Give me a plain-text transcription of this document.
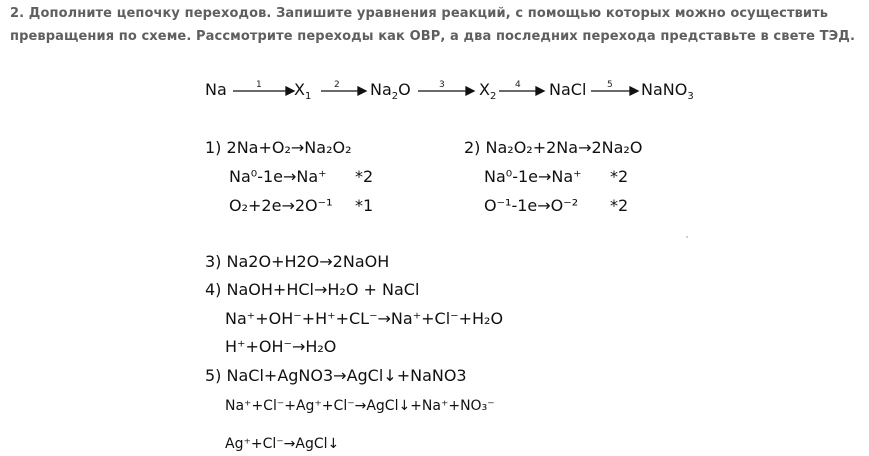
2. Дополните цепочку переходов. Запишите уравнения реакций, с помощью которых можно осуществить превращения по схеме. Рассмотрите переходы как ОВР, а два последних перехода представьте в свете ТЭД.
1	2	3	4	5
Na	$X_1$	$Na_2O$	$X_2$	NaCl	NaNO$_3$
1) 2Na+O₂→Na₂O₂
Na⁰-1e→Na⁺ *2
O₂+2e→2O⁻¹ *1
2) Na₂O₂+2Na→2Na₂O
Na⁰-1e→Na⁺ *2
O⁻¹-1e→O⁻² *2
3) Na2O+H2O→2NaOH
4) NaOH+HCl→H₂O + NaCl
Na⁺+OH⁻+H⁺+CL⁻→Na⁺+Cl⁻+H₂O
H⁺+OH⁻→H₂O
5) NaCl+AgNO3→AgCl↓+NaNO3
Na⁺+Cl⁻+Ag⁺+Cl⁻→AgCl↓+Na⁺+NO₃⁻
Ag⁺+Cl⁻→AgCl↓
